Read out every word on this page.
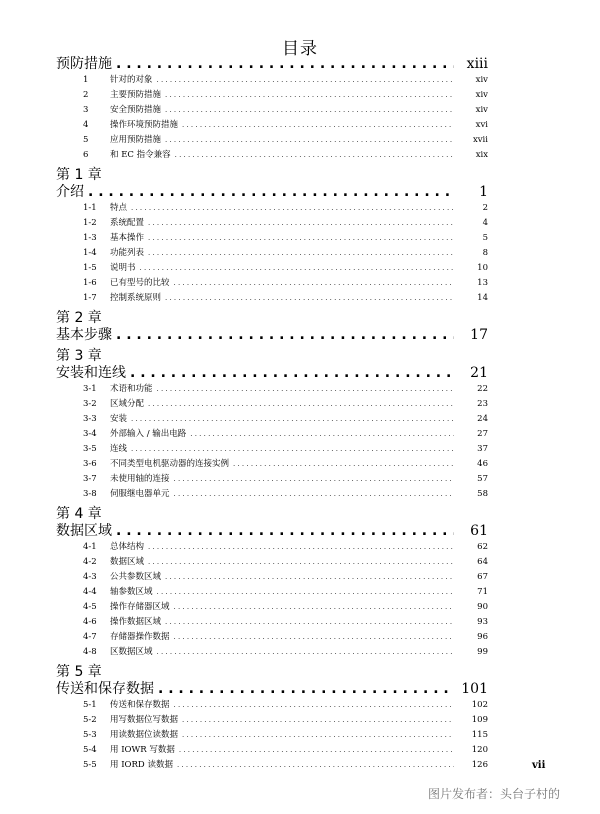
目录
预防措施 . . .	xiii
1	针对的对象 . . .	xiv
2	主要预防措施 . . .	xiv
3	安全预防措施 . . .	xiv
4	操作环境预防措施 . . .	xvi
5	应用预防措施 . . .	xvii
6	和 EC 指令兼容 . . .	xix
第 1 章
介绍 . . .	1
1-1	特点 . . .	2
1-2	系统配置 . . .	4
1-3	基本操作 . . .	5
1-4	功能列表 . . .	8
1-5	说明书 . . .	10
1-6	已有型号的比较 . . .	13
1-7	控制系统原则 . . .	14
第 2 章
基本步骤 . . .	17
第 3 章
安装和连线 . . .	21
3-1	术语和功能 . . .	22
3-2	区域分配 . . .	23
3-3	安装 . . .	24
3-4	外部输入 / 输出电路 . . .	27
3-5	连线 . . .	37
3-6	不同类型电机驱动器的连接实例 . . .	46
3-7	未使用轴的连接 . . .	57
3-8	伺服继电器单元 . . .	58
第 4 章
数据区域 . . .	61
4-1	总体结构 . . .	62
4-2	数据区域 . . .	64
4-3	公共参数区域 . . .	67
4-4	轴参数区域 . . .	71
4-5	操作存储器区域 . . .	90
4-6	操作数据区域 . . .	93
4-7	存储器操作数据 . . .	96
4-8	区数据区域 . . .	99
第 5 章
传送和保存数据 . . .	101
5-1	传送和保存数据 . . .	102
5-2	用写数据位写数据 . . .	109
5-3	用读数据位读数据 . . .	115
5-4	用 IOWR 写数据 . . .	120
5-5	用 IORD 读数据 . . .	126	vii
图片发布者：头台子村的
